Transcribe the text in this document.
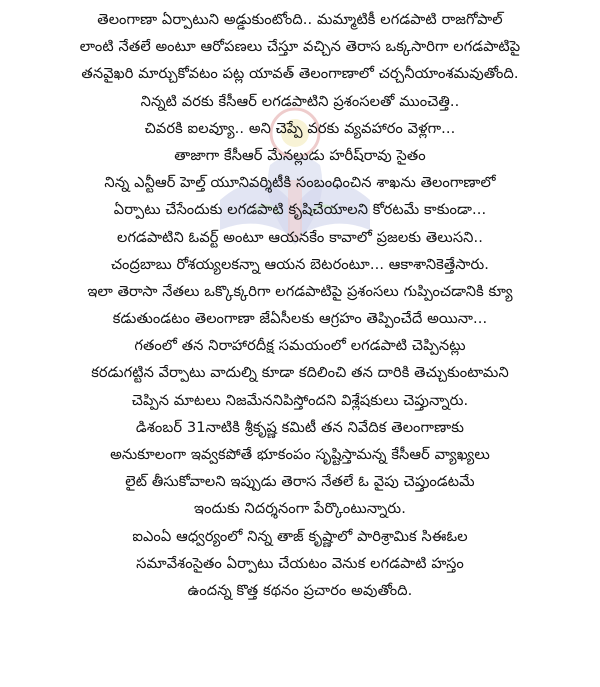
తెలంగాణా ఏర్పాటుని అడ్డుకుంటోంది.. మమ్మాటికీ లగడపాటి రాజగోపాల్
లాంటి నేతలే అంటూ ఆరోపణలు చేస్తూ వచ్చిన తెరాస ఒక్కసారిగా లగడపాటిపై
తనవైఖరి మార్చుకోవటం పట్ల యావత్ తెలంగాణాలో చర్చనీయాంశమవుతోంది.
నిన్నటి వరకు కేసీఆర్ లగడపాటిని ప్రశంసలతో ముంచెత్తి..
చివరకి ఐలవ్యూ.. అని చెప్పే వరకు వ్యవహారం వెళ్లగా...
తాజాగా కేసీఆర్ మేనల్లుడు హరీష్‌రావు సైతం
నిన్న ఎన్టీఆర్ హెల్త్ యూనివర్శిటీకి సంబంధించిన శాఖను తెలంగాణాలో
ఏర్పాటు చేసేందుకు లగడపాటి కృషిచేయాలని కోరటమే కాకుండా...
లగడపాటిని ఓవర్ట్ అంటూ ఆయనకేం కావాలో ప్రజలకు తెలుసని..
చంద్రబాబు రోశయ్యలకన్నా ఆయన బెటరంటూ... ఆకాశానికెత్తేసారు.
ఇలా తెరాసా నేతలు ఒక్కొక్కరిగా లగడపాటిపై ప్రశంసలు గుప్పించడానికి క్యూ
కడుతుండటం తెలంగాణా జేఏసీలకు ఆగ్రహం తెప్పించేదే అయినా...
గతంలో తన నిరాహారదీక్ష సమయంలో లగడపాటి చెప్పినట్లు
కరడుగట్టిన వేర్పాటు వాదుల్ని కూడా కదిలించి తన దారికి తెచ్చుకుంటామని
చెప్పిన మాటలు నిజమేననిపిస్తోందని విశ్లేషకులు చెప్తున్నారు.
డిశంబర్ 31నాటికి శ్రీకృష్ణ కమిటీ తన నివేదిక తెలంగాణాకు
అనుకూలంగా ఇవ్వకపోతే భూకంపం సృష్టిస్తామన్న కేసీఆర్ వ్యాఖ్యలు
లైట్ తీసుకోవాలని ఇప్పుడు తెరాస నేతలే ఓ వైపు చెప్తుండటమే
ఇందుకు నిదర్శనంగా పేర్కొంటున్నారు.
ఐఎంఏ ఆధ్వర్యంలో నిన్న తాజ్ కృష్ణాలో పారిశ్రామిక సిఈఓల
సమావేశంసైతం ఏర్పాటు చేయటం వెనుక లగడపాటి హస్తం
ఉందన్న కొత్త కథనం ప్రచారం అవుతోంది.
